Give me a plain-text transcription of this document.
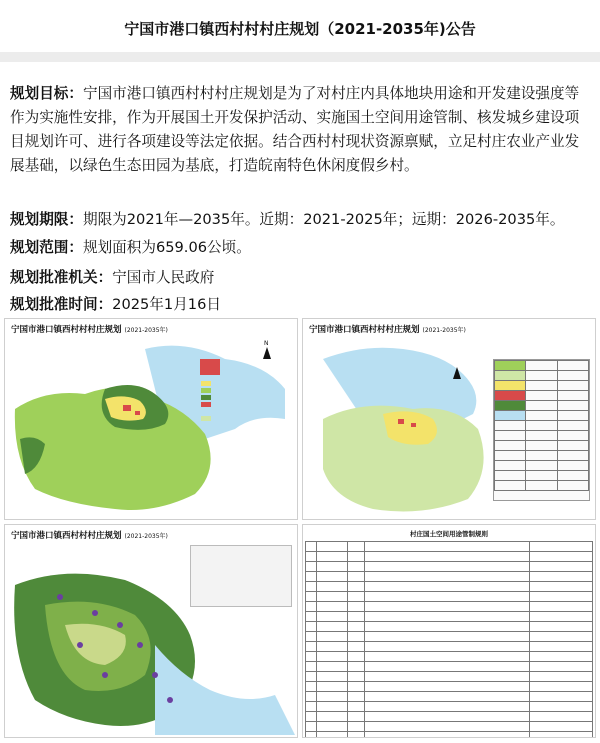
宁国市港口镇西村村村庄规划（2021-2035年)公告
规划目标：宁国市港口镇西村村村庄规划是为了对村庄内具体地块用途和开发建设强度等作为实施性安排，作为开展国土开发保护活动、实施国土空间用途管制、核发城乡建设项目规划许可、进行各项建设等法定依据。结合西村村现状资源禀赋，立足村庄农业产业发展基础，以绿色生态田园为基底，打造皖南特色休闲度假乡村。
规划期限：期限为2021年—2035年。近期：2021-2025年；远期：2026-2035年。
规划范围：规划面积为659.06公顷。
规划批准机关：宁国市人民政府
规划批准时间：2025年1月16日
宁国市港口镇西村村村庄规划 (2021-2035年)
N
宁国市港口镇西村村村庄规划 (2021-2035年)

宁国市港口镇西村村村庄规划 (2021-2035年)	村庄国土空间用途管制规则
